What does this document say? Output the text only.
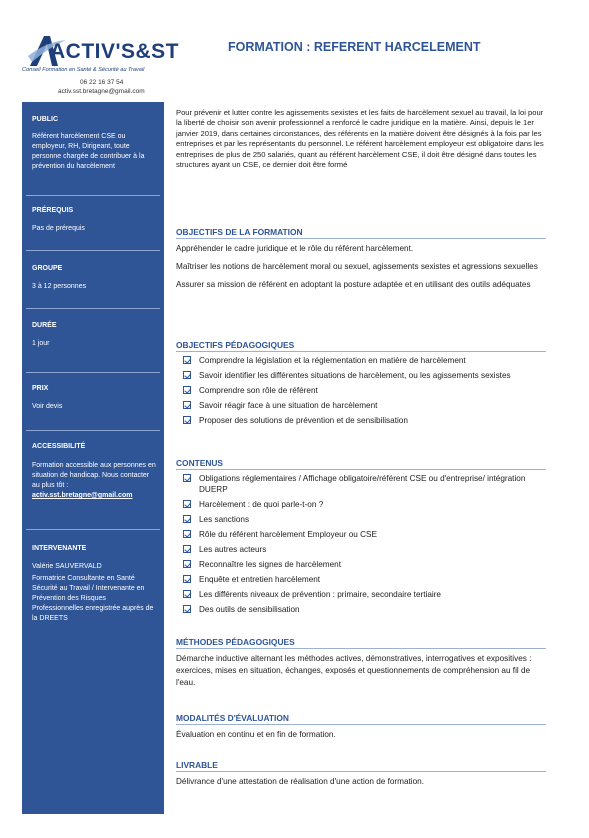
ACTIV'S&ST
Conseil Formation en Santé & Sécurité au Travail
06 22 16 37 54
activ.sst.bretagne@gmail.com
FORMATION : REFERENT HARCELEMENT
PUBLIC
Référent harcèlement CSE ou employeur, RH, Dirigeant, toute personne chargée de contribuer à la prévention du harcèlement
PRÉREQUIS
Pas de prérequis
GROUPE
3 à 12 personnes
DURÉE
1 jour
PRIX
Voir devis
ACCESSIBILITÉ
Formation accessible aux personnes en situation de handicap. Nous contacter au plus tôt :
activ.sst.bretagne@gmail.com
INTERVENANTE
Valérie SAUVERVALD
Formatrice Consultante en Santé Sécurité au Travail / Intervenante en Prévention des Risques Professionnelles enregistrée auprès de la DREETS

Pour prévenir et lutter contre les agissements sexistes et les faits de harcèlement sexuel au travail, la loi pour la liberté de choisir son avenir professionnel a renforcé le cadre juridique en la matière. Ainsi, depuis le 1er janvier 2019, dans certaines circonstances, des référents en la matière doivent être désignés à la fois par les entreprises et par les représentants du personnel. Le référent harcèlement employeur est obligatoire dans les entreprises de plus de 250 salariés, quant au référent harcèlement CSE, il doit être désigné dans toutes les structures ayant un CSE, ce dernier doit être formé

OBJECTIFS DE LA FORMATION

Appréhender le cadre juridique et le rôle du référent harcèlement.

Maîtriser les notions de harcèlement moral ou sexuel, agissements sexistes et agressions sexuelles

Assurer sa mission de référent en adoptant la posture adaptée et en utilisant des outils adéquates

OBJECTIFS PÉDAGOGIQUES
Comprendre la législation et la réglementation en matière de harcèlement
Savoir identifier les différentes situations de harcèlement, ou les agissements sexistes
Comprendre son rôle de référent
Savoir réagir face à une situation de harcèlement
Proposer des solutions de prévention et de sensibilisation
CONTENUS
Obligations réglementaires / Affichage obligatoire/référent CSE ou d'entreprise/ intégration DUERP
Harcèlement : de quoi parle-t-on ?
Les sanctions
Rôle du référent harcèlement Employeur ou CSE
Les autres acteurs
Reconnaître les signes de harcèlement
Enquête et entretien harcèlement
Les différents niveaux de prévention : primaire, secondaire tertiaire
Des outils de sensibilisation
MÉTHODES PÉDAGOGIQUES

Démarche inductive alternant les méthodes actives, démonstratives, interrogatives et expositives : exercices, mises en situation, échanges, exposés et questionnements de compréhension au fil de l'eau.

MODALITÉS D'ÉVALUATION

Évaluation en continu et en fin de formation.

LIVRABLE

Délivrance d'une attestation de réalisation d'une action de formation.
